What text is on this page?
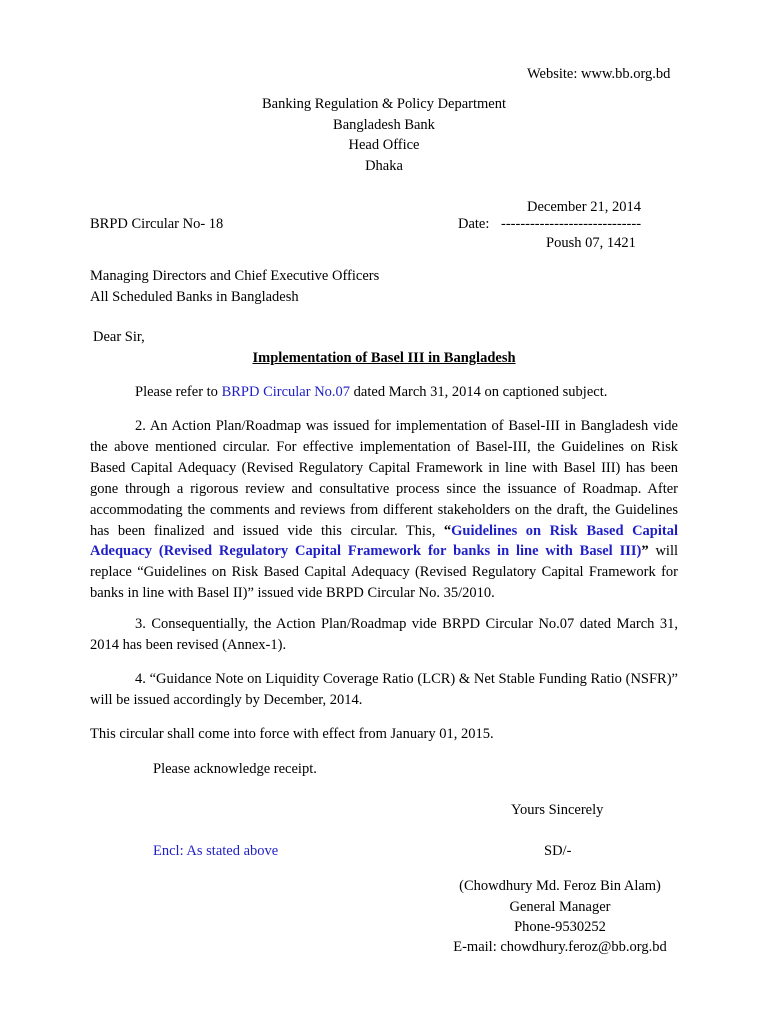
Website: www.bb.org.bd
Banking Regulation & Policy Department
Bangladesh Bank
Head Office
Dhaka
December 21, 2014
BRPD Circular No- 18	Date: -----------------------------
Poush 07, 1421
Managing Directors and Chief Executive Officers
All Scheduled Banks in Bangladesh
Dear Sir,
Implementation of Basel III in Bangladesh
Please refer to BRPD Circular No.07 dated March 31, 2014 on captioned subject.
2. An Action Plan/Roadmap was issued for implementation of Basel-III in Bangladesh vide the above mentioned circular. For effective implementation of Basel-III, the Guidelines on Risk Based Capital Adequacy (Revised Regulatory Capital Framework in line with Basel III) has been gone through a rigorous review and consultative process since the issuance of Roadmap. After accommodating the comments and reviews from different stakeholders on the draft, the Guidelines has been finalized and issued vide this circular. This, “Guidelines on Risk Based Capital Adequacy (Revised Regulatory Capital Framework for banks in line with Basel III)” will replace “Guidelines on Risk Based Capital Adequacy (Revised Regulatory Capital Framework for banks in line with Basel II)” issued vide BRPD Circular No. 35/2010.
3. Consequentially, the Action Plan/Roadmap vide BRPD Circular No.07 dated March 31, 2014 has been revised (Annex-1).
4. “Guidance Note on Liquidity Coverage Ratio (LCR) & Net Stable Funding Ratio (NSFR)” will be issued accordingly by December, 2014.
This circular shall come into force with effect from January 01, 2015.
Please acknowledge receipt.
Yours Sincerely
Encl: As stated above	SD/-
(Chowdhury Md. Feroz Bin Alam)
General Manager
Phone-9530252
E-mail: chowdhury.feroz@bb.org.bd
